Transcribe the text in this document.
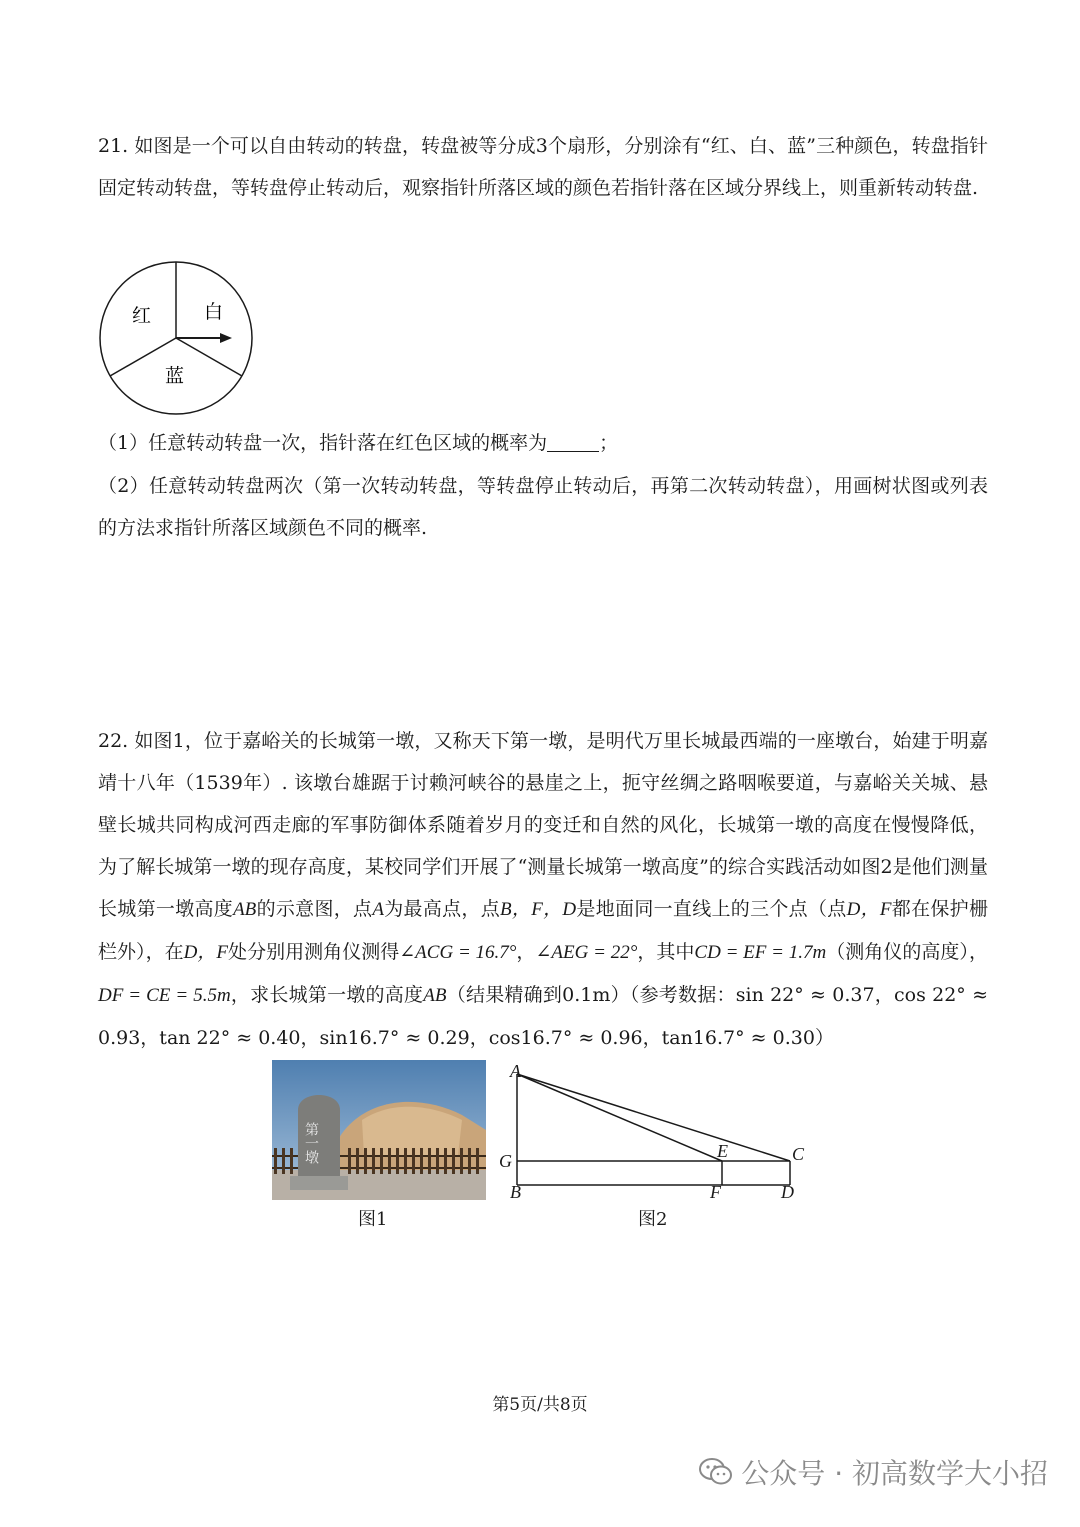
21. 如图是一个可以自由转动的转盘，转盘被等分成3个扇形，分别涂有“红、白、蓝”三种颜色，转盘指针固定转动转盘，等转盘停止转动后，观察指针所落区域的颜色若指针落在区域分界线上，则重新转动转盘.

红	白
蓝

（1）任意转动转盘一次，指针落在红色区域的概率为	；

（2）任意转动转盘两次（第一次转动转盘，等转盘停止转动后，再第二次转动转盘），用画树状图或列表的方法求指针所落区域颜色不同的概率.

22. 如图1，位于嘉峪关的长城第一墩，又称天下第一墩，是明代万里长城最西端的一座墩台，始建于明嘉靖十八年（1539年）. 该墩台雄踞于讨赖河峡谷的悬崖之上，扼守丝绸之路咽喉要道，与嘉峪关关城、悬壁长城共同构成河西走廊的军事防御体系随着岁月的变迁和自然的风化，长城第一墩的高度在慢慢降低，为了解长城第一墩的现存高度，某校同学们开展了“测量长城第一墩高度”的综合实践活动如图2是他们测量长城第一墩高度AB的示意图，点A为最高点，点B，F，D是地面同一直线上的三个点（点D，F都在保护栅栏外），在D，F处分别用测角仪测得∠ACG = 16.7°，∠AEG = 22°，其中CD = EF = 1.7m（测角仪的高度），DF = CE = 5.5m，求长城第一墩的高度AB（结果精确到0.1m）（参考数据：sin 22° ≈ 0.37，cos 22° ≈ 0.93，tan 22° ≈ 0.40，sin16.7° ≈ 0.29，cos16.7° ≈ 0.96，tan16.7° ≈ 0.30）

第一墩
A
G
B
E
F
C
D
图1	图2
第5页/共8页
公众号 · 初高数学大小招
